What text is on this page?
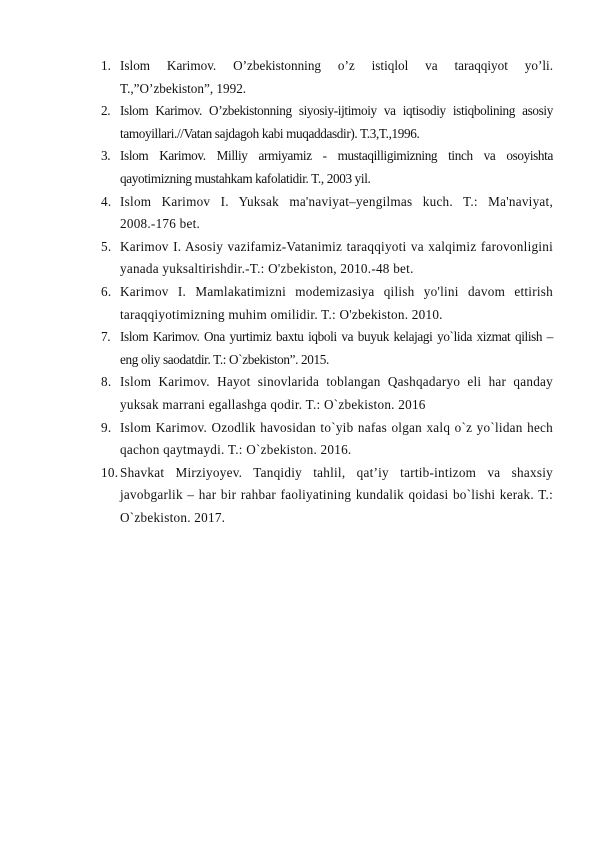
1. Islom Karimov. O’zbekistonning o’z istiqlol va taraqqiyot yo’li. T.,”O’zbekiston”, 1992.
2. Islom Karimov. O’zbekistonning siyosiy-ijtimoiy va iqtisodiy istiqbolining asosiy tamoyillari.//Vatan sajdagoh kabi muqaddasdir). T.3,T.,1996.
3. Islom Karimov. Milliy armiyamiz - mustaqilligimizning tinch va osoyishta qayotimizning mustahkam kafolatidir. T., 2003 yil.
4. Islom Karimov I. Yuksak ma'naviyat–yengilmas kuch. T.: Ma'naviyat, 2008.-176 bet.
5. Karimov I. Asosiy vazifamiz-Vatanimiz taraqqiyoti va xalqimiz farovonligini yanada yuksaltirishdir.-T.: O'zbekiston, 2010.-48 bet.
6. Karimov I. Mamlakatimizni modemizasiya qilish yo'lini davom ettirish taraqqiyotimizning muhim omilidir. T.: O'zbekiston. 2010.
7. Islom Karimov. Ona yurtimiz baxtu iqboli va buyuk kelajagi yo`lida xizmat qilish – eng oliy saodatdir. T.: O`zbekiston”. 2015.
8. Islom Karimov. Hayot sinovlarida toblangan Qashqadaryo eli har qanday yuksak marrani egallashga qodir. T.: O`zbekiston. 2016
9. Islom Karimov. Ozodlik havosidan to`yib nafas olgan xalq o`z yo`lidan hech qachon qaytmaydi. T.: O`zbekiston. 2016.
10. Shavkat Mirziyoyev. Tanqidiy tahlil, qat’iy tartib-intizom va shaxsiy javobgarlik – har bir rahbar faoliyatining kundalik qoidasi bo`lishi kerak. T.: O`zbekiston. 2017.
